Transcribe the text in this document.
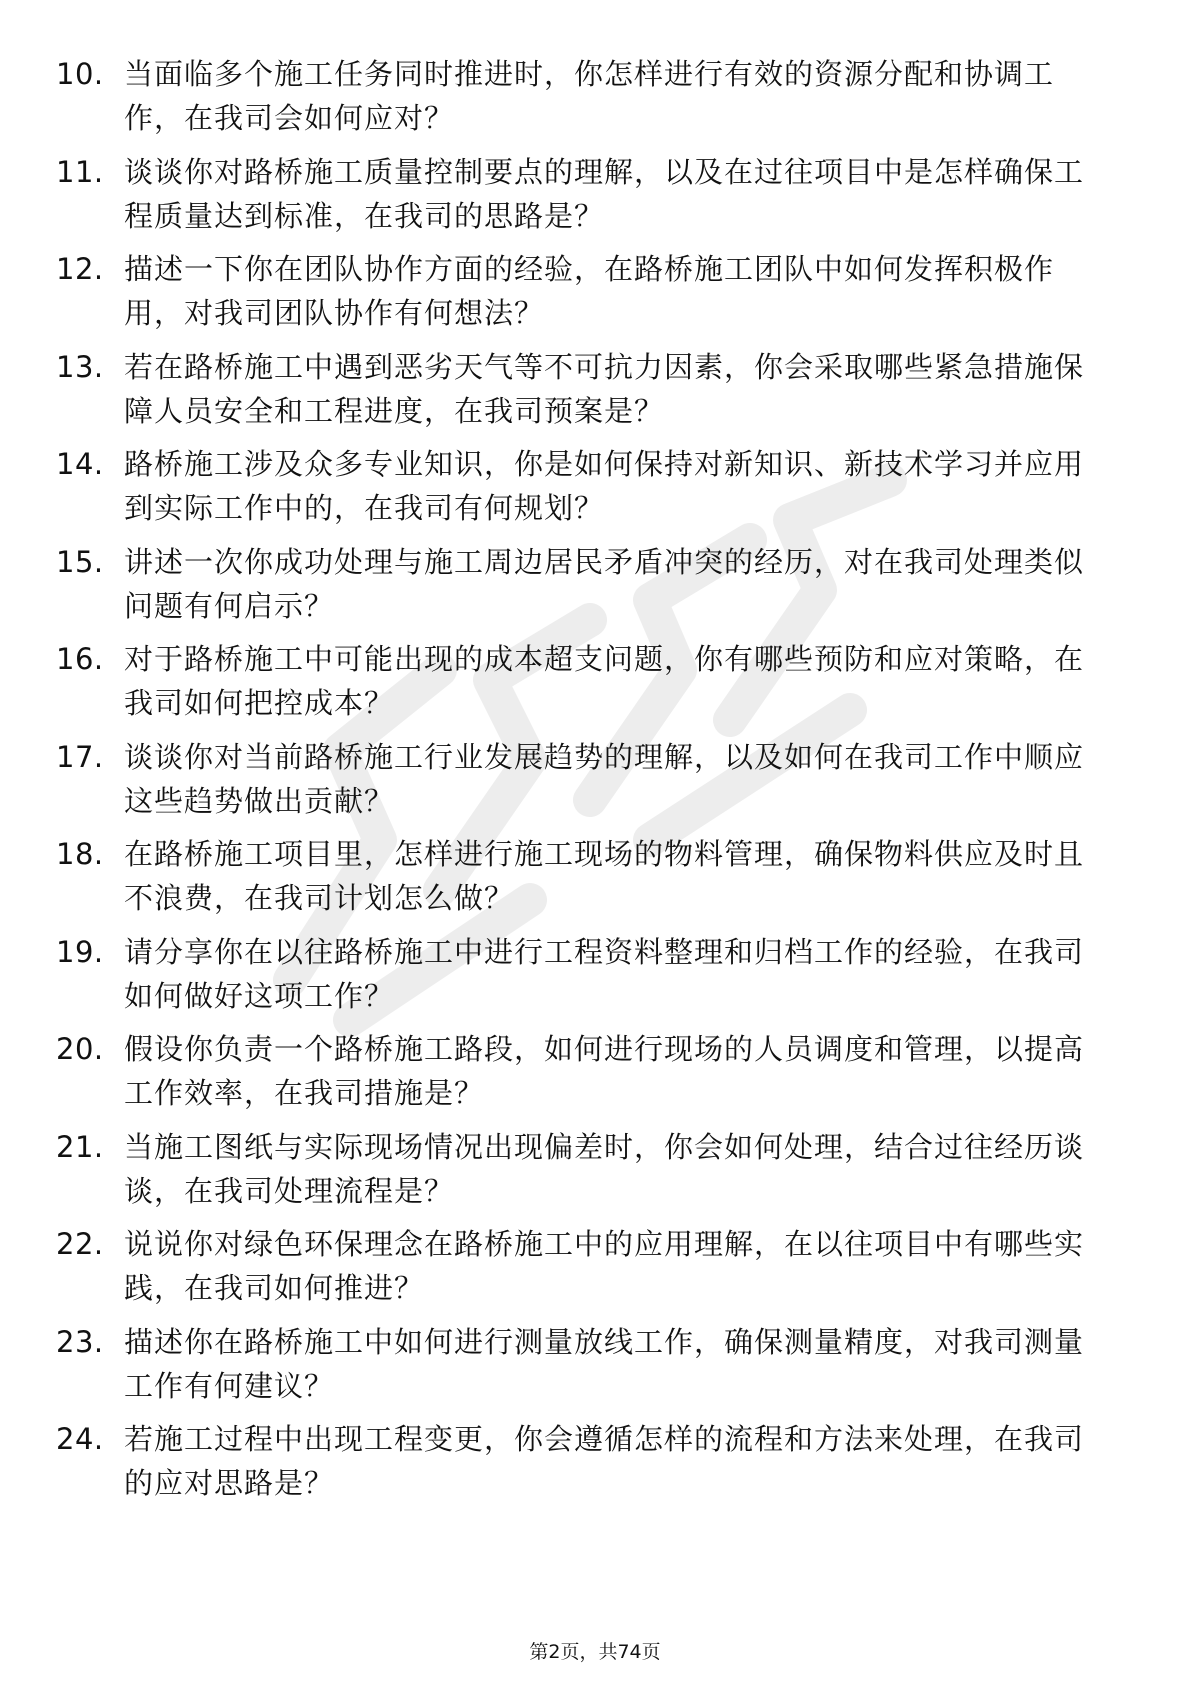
10. 当面临多个施工任务同时推进时，你怎样进行有效的资源分配和协调工作，在我司会如何应对？
11. 谈谈你对路桥施工质量控制要点的理解，以及在过往项目中是怎样确保工程质量达到标准，在我司的思路是？
12. 描述一下你在团队协作方面的经验，在路桥施工团队中如何发挥积极作用，对我司团队协作有何想法？
13. 若在路桥施工中遇到恶劣天气等不可抗力因素，你会采取哪些紧急措施保障人员安全和工程进度，在我司预案是？
14. 路桥施工涉及众多专业知识，你是如何保持对新知识、新技术学习并应用到实际工作中的，在我司有何规划？
15. 讲述一次你成功处理与施工周边居民矛盾冲突的经历，对在我司处理类似问题有何启示？
16. 对于路桥施工中可能出现的成本超支问题，你有哪些预防和应对策略，在我司如何把控成本？
17. 谈谈你对当前路桥施工行业发展趋势的理解，以及如何在我司工作中顺应这些趋势做出贡献？
18. 在路桥施工项目里，怎样进行施工现场的物料管理，确保物料供应及时且不浪费，在我司计划怎么做？
19. 请分享你在以往路桥施工中进行工程资料整理和归档工作的经验，在我司如何做好这项工作？
20. 假设你负责一个路桥施工路段，如何进行现场的人员调度和管理，以提高工作效率，在我司措施是？
21. 当施工图纸与实际现场情况出现偏差时，你会如何处理，结合过往经历谈谈，在我司处理流程是？
22. 说说你对绿色环保理念在路桥施工中的应用理解，在以往项目中有哪些实践，在我司如何推进？
23. 描述你在路桥施工中如何进行测量放线工作，确保测量精度，对我司测量工作有何建议？
24. 若施工过程中出现工程变更，你会遵循怎样的流程和方法来处理，在我司的应对思路是？
第2页，共74页
